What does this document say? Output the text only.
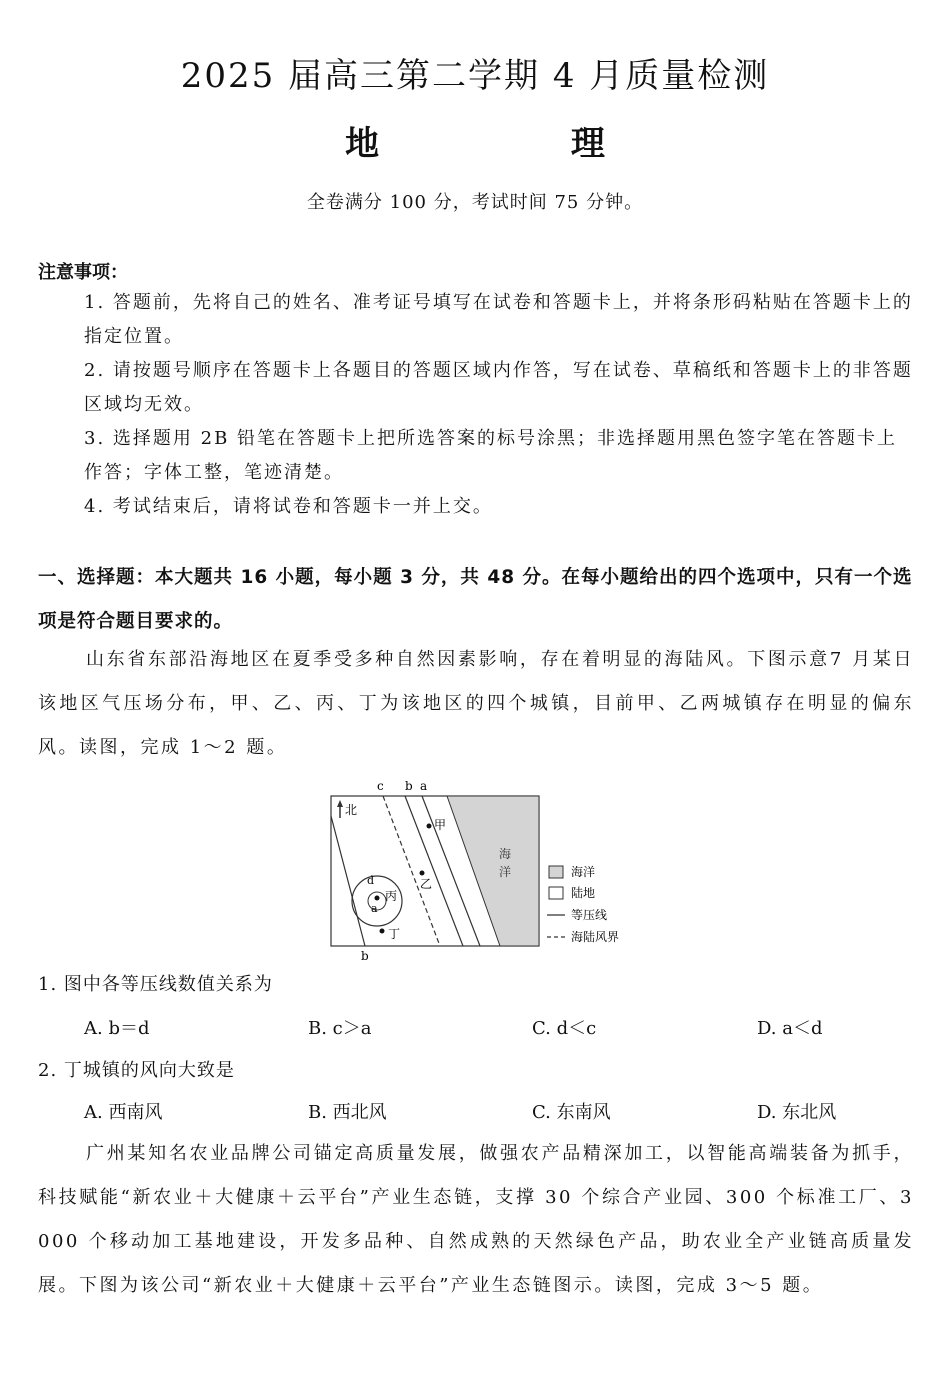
2025 届高三第二学期 4 月质量检测
地 理
全卷满分 100 分，考试时间 75 分钟。
注意事项：
1. 答题前，先将自己的姓名、准考证号填写在试卷和答题卡上，并将条形码粘贴在答题卡上的指定位置。
2. 请按题号顺序在答题卡上各题目的答题区域内作答，写在试卷、草稿纸和答题卡上的非答题区域均无效。
3. 选择题用 2B 铅笔在答题卡上把所选答案的标号涂黑；非选择题用黑色签字笔在答题卡上作答；字体工整，笔迹清楚。
4. 考试结束后，请将试卷和答题卡一并上交。
一、选择题：本大题共 16 小题，每小题 3 分，共 48 分。在每小题给出的四个选项中，只有一个选项是符合题目要求的。
山东省东部沿海地区在夏季受多种自然因素影响，存在着明显的海陆风。下图示意7 月某日该地区气压场分布，甲、乙、丙、丁为该地区的四个城镇，目前甲、乙两城镇存在明显的偏东风。读图，完成 1～2 题。
c b a
d
a
b
北
甲
乙
丙
丁
海
洋	海洋
陆地
等压线
海陆风界
1. 图中各等压线数值关系为
A. b＝d	B. c＞a	C. d＜c	D. a＜d
2. 丁城镇的风向大致是
A. 西南风	B. 西北风	C. 东南风	D. 东北风
广州某知名农业品牌公司锚定高质量发展，做强农产品精深加工，以智能高端装备为抓手，科技赋能“新农业＋大健康＋云平台”产业生态链，支撑 30 个综合产业园、300 个标准工厂、3 000 个移动加工基地建设，开发多品种、自然成熟的天然绿色产品，助农业全产业链高质量发展。下图为该公司“新农业＋大健康＋云平台”产业生态链图示。读图，完成 3～5 题。
